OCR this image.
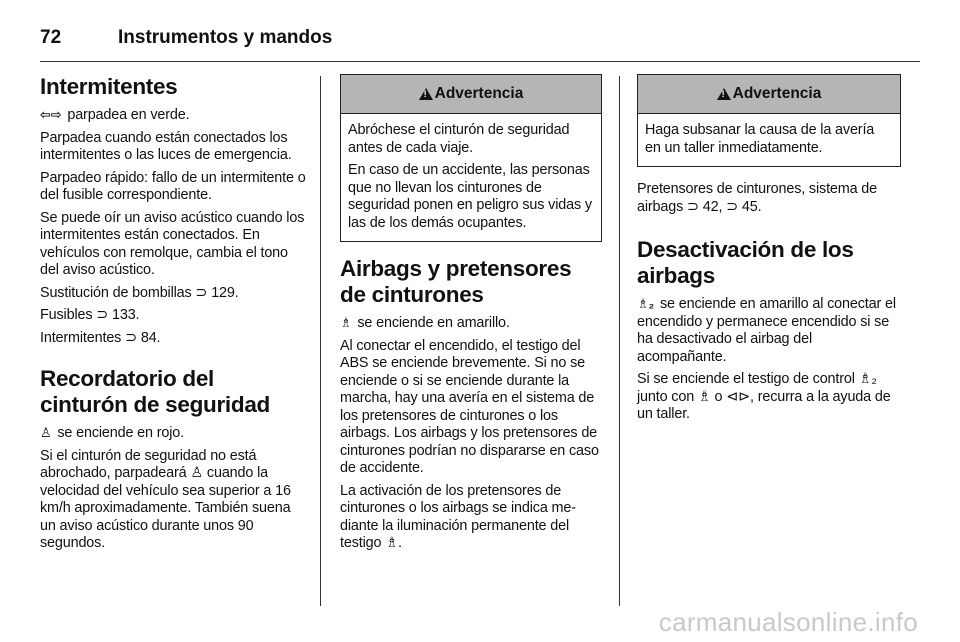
72	Instrumentos y mandos
Intermitentes

⇦⇨ parpadea en verde.

Parpadea cuando están conectados los intermitentes o las luces de emergencia.

Parpadeo rápido: fallo de un intermitente o del fusible correspondiente.

Se puede oír un aviso acústico cuando los intermitentes están conectados. En vehículos con remolque, cambia el tono del aviso acústico.

Sustitución de bombillas ⊃ 129.

Fusibles ⊃ 133.

Intermitentes ⊃ 84.

Recordatorio del cinturón de seguridad

♙ se enciende en rojo.

Si el cinturón de seguridad no está abrochado, parpadeará ♙ cuando la velocidad del vehículo sea superior a 16 km/h aproximadamente. También suena un aviso acústico durante unos 90 segundos.

!
Advertencia

Abróchese el cinturón de seguridad antes de cada viaje.

En caso de un accidente, las personas que no llevan los cinturones de seguridad ponen en peligro sus vidas y las de los demás ocupantes.

Airbags y pretensores de cinturones

♗ se enciende en amarillo.

Al conectar el encendido, el testigo del ABS se enciende brevemente. Si no se enciende o si se enciende durante la marcha, hay una avería en el sistema de los pretensores de cinturones o los airbags. Los airbags y los pretensores de cinturones podrían no dispararse en caso de accidente.

La activación de los pretensores de cinturones o los airbags se indica mediante la iluminación permanente del testigo ♗.

!
Advertencia

Haga subsanar la causa de la avería en un taller inmediatamente.

Pretensores de cinturones, sistema de airbags ⊃ 42, ⊃ 45.

Desactivación de los airbags

♗₂ se enciende en amarillo al conectar el encendido y permanece encendido si se ha desactivado el airbag del acompañante.

Si se enciende el testigo de control ♗₂ junto con ♗ o ⊲⊳, recurra a la ayuda de un taller.

carmanualsonline.info
